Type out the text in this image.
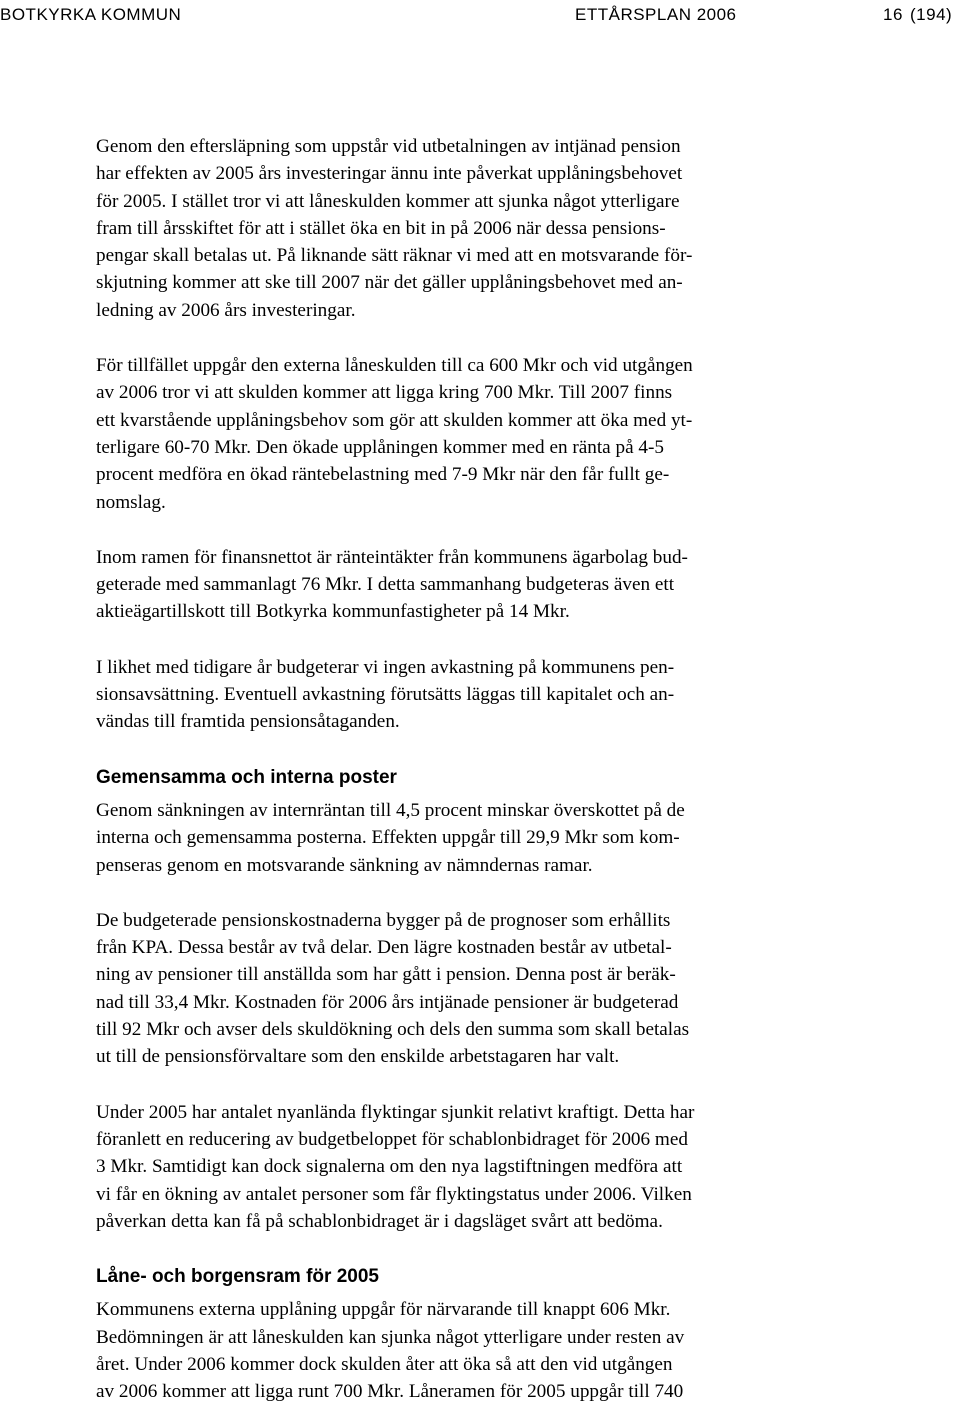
BOTKYRKA KOMMUN	ETTÅRSPLAN 2006	16 (194)
Genom den eftersläpning som uppstår vid utbetalningen av intjänad pension
har effekten av 2005 års investeringar ännu inte påverkat upplåningsbehovet
för 2005. I stället tror vi att låneskulden kommer att sjunka något ytterligare
fram till årsskiftet för att i stället öka en bit in på 2006 när dessa pensions-
pengar skall betalas ut. På liknande sätt räknar vi med att en motsvarande för-
skjutning kommer att ske till 2007 när det gäller upplåningsbehovet med an-
ledning av 2006 års investeringar.
För tillfället uppgår den externa låneskulden till ca 600 Mkr och vid utgången
av 2006 tror vi att skulden kommer att ligga kring 700 Mkr. Till 2007 finns
ett kvarstående upplåningsbehov som gör att skulden kommer att öka med yt-
terligare 60-70 Mkr. Den ökade upplåningen kommer med en ränta på 4-5
procent medföra en ökad räntebelastning med 7-9 Mkr när den får fullt ge-
nomslag.
Inom ramen för finansnettot är ränteintäkter från kommunens ägarbolag bud-
geterade med sammanlagt 76 Mkr. I detta sammanhang budgeteras även ett
aktieägartillskott till Botkyrka kommunfastigheter på 14 Mkr.
I likhet med tidigare år budgeterar vi ingen avkastning på kommunens pen-
sionsavsättning. Eventuell avkastning förutsätts läggas till kapitalet och an-
vändas till framtida pensionsåtaganden.
Gemensamma och interna poster
Genom sänkningen av internräntan till 4,5 procent minskar överskottet på de
interna och gemensamma posterna. Effekten uppgår till 29,9 Mkr som kom-
penseras genom en motsvarande sänkning av nämndernas ramar.
De budgeterade pensionskostnaderna bygger på de prognoser som erhållits
från KPA. Dessa består av två delar. Den lägre kostnaden består av utbetal-
ning av pensioner till anställda som har gått i pension. Denna post är beräk-
nad till 33,4 Mkr. Kostnaden för 2006 års intjänade pensioner är budgeterad
till 92 Mkr och avser dels skuldökning och dels den summa som skall betalas
ut till de pensionsförvaltare som den enskilde arbetstagaren har valt.
Under 2005 har antalet nyanlända flyktingar sjunkit relativt kraftigt. Detta har
föranlett en reducering av budgetbeloppet för schablonbidraget för 2006 med
3 Mkr. Samtidigt kan dock signalerna om den nya lagstiftningen medföra att
vi får en ökning av antalet personer som får flyktingstatus under 2006. Vilken
påverkan detta kan få på schablonbidraget är i dagsläget svårt att bedöma.
Låne- och borgensram för 2005
Kommunens externa upplåning uppgår för närvarande till knappt 606 Mkr.
Bedömningen är att låneskulden kan sjunka något ytterligare under resten av
året. Under 2006 kommer dock skulden åter att öka så att den vid utgången
av 2006 kommer att ligga runt 700 Mkr. Låneramen för 2005 uppgår till 740
